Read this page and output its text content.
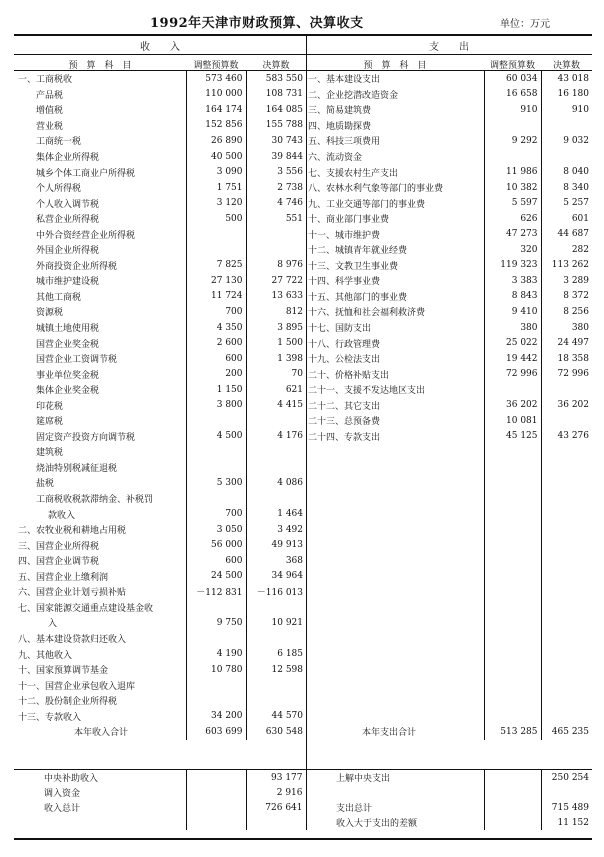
1992年天津市财政预算、决算收支	单位：万元
收　　入	支　　出
预　算　科　目	调整预算数	决算数	预　算　科　目	调整预算数	决算数
一、工商税收	573 460	583 550
产品税	110 000	108 731
增值税	164 174	164 085
营业税	152 856	155 788
工商统一税	26 890	30 743
集体企业所得税	40 500	39 844
城乡个体工商业户所得税	3 090	3 556
个人所得税	1 751	2 738
个人收入调节税	3 120	4 746
私营企业所得税	500	551
中外合资经营企业所得税		
外国企业所得税		
外商投资企业所得税	7 825	8 976
城市维护建设税	27 130	27 722
其他工商税	11 724	13 633
资源税	700	812
城镇土地使用税	4 350	3 895
国营企业奖金税	2 600	1 500
国营企业工资调节税	600	1 398
事业单位奖金税	200	70
集体企业奖金税	1 150	621
印花税	3 800	4 415
筵席税		
固定资产投资方向调节税	4 500	4 176
建筑税		
烧油特别税减征退税		
盐税	5 300	4 086
工商税收税款滞纳金、补税罚		
款收入	700	1 464
二、农牧业税和耕地占用税	3 050	3 492
三、国营企业所得税	56 000	49 913
四、国营企业调节税	600	368
五、国营企业上缴利润	24 500	34 964
六、国营企业计划亏损补贴	－112 831	－116 013
七、国家能源交通重点建设基金收		
入	9 750	10 921
八、基本建设贷款归还收入		
九、其他收入	4 190	6 185
十、国家预算调节基金	10 780	12 598
十一、国营企业承包收入退库		
十二、股份制企业所得税		
十三、专款收入	34 200	44 570
本年收入合计	603 699	630 548
一、基本建设支出	60 034	43 018
二、企业挖潜改造资金	16 658	16 180
三、简易建筑费	910	910
四、地质勘探费		
五、科技三项费用	9 292	9 032
六、流动资金		
七、支援农村生产支出	11 986	8 040
八、农林水利气象等部门的事业费	10 382	8 340
九、工业交通等部门的事业费	5 597	5 257
十、商业部门事业费	626	601
十一、城市维护费	47 273	44 687
十二、城镇青年就业经费	320	282
十三、文教卫生事业费	119 323	113 262
十四、科学事业费	3 383	3 289
十五、其他部门的事业费	8 843	8 372
十六、抚恤和社会福利救济费	9 410	8 256
十七、国防支出	380	380
十八、行政管理费	25 022	24 497
十九、公检法支出	19 442	18 358
二十、价格补贴支出	72 996	72 996
二十一、支援不发达地区支出		
二十二、其它支出	36 202	36 202
二十三、总预备费	10 081	
二十四、专款支出	45 125	43 276

本年支出合计	513 285	465 235
	中央补助收入		93 177		上解中央支出		250 254
	调入资金		2 916				
	收入总计		726 641		支出总计		715 489
					收入大于支出的差额		11 152
